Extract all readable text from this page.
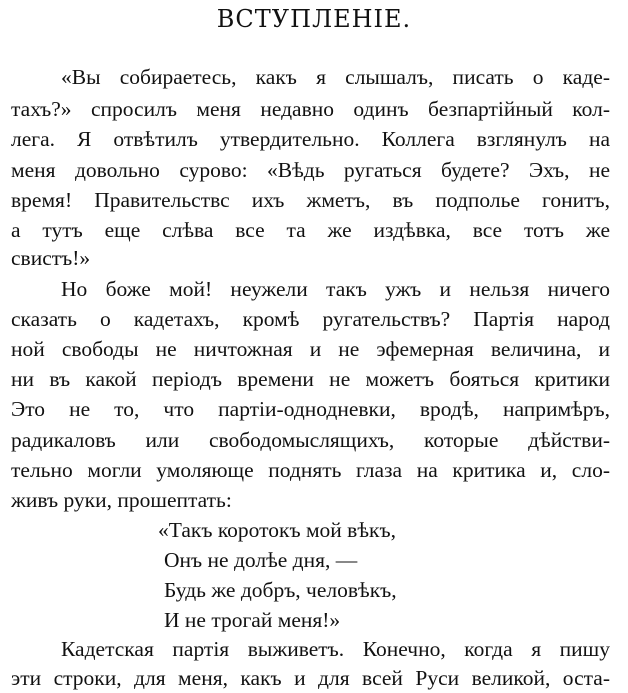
ВСТУПЛЕНIЕ.
«Вы собираетесь, какъ я слышалъ, писать о каде-
тахъ?» спросилъ меня недавно одинъ безпартiйный кол-
лега. Я отвѣтилъ утвердительно. Коллега взглянулъ на
меня довольно сурово: «Вѣдь ругаться будете? Эхъ, не
время! Правительствс ихъ жметъ, въ подполье гонитъ,
а тутъ еще слѣва все та же издѣвка, все тотъ же
свистъ!»
Но боже мой! неужели такъ ужъ и нельзя ничего
сказать о кадетахъ, кромѣ ругательствъ? Партiя народ
ной свободы не ничтожная и не эфемерная величина, и
ни въ какой перiодъ времени не можетъ бояться критики
Это не то, что партiи-однодневки, вродѣ, напримѣръ,
радикаловъ или свободомыслящихъ, которые дѣйстви-
тельно могли умоляюще поднять глаза на критика и, сло-
живъ руки, прошептать:
«Такъ коротокъ мой вѣкъ,
Онъ не долѣе дня, —
Будь же добръ, человѣкъ,
И не трогай меня!»
Кадетская партiя выживетъ. Конечно, когда я пишу
эти строки, для меня, какъ и для всей Руси великой, оста-
